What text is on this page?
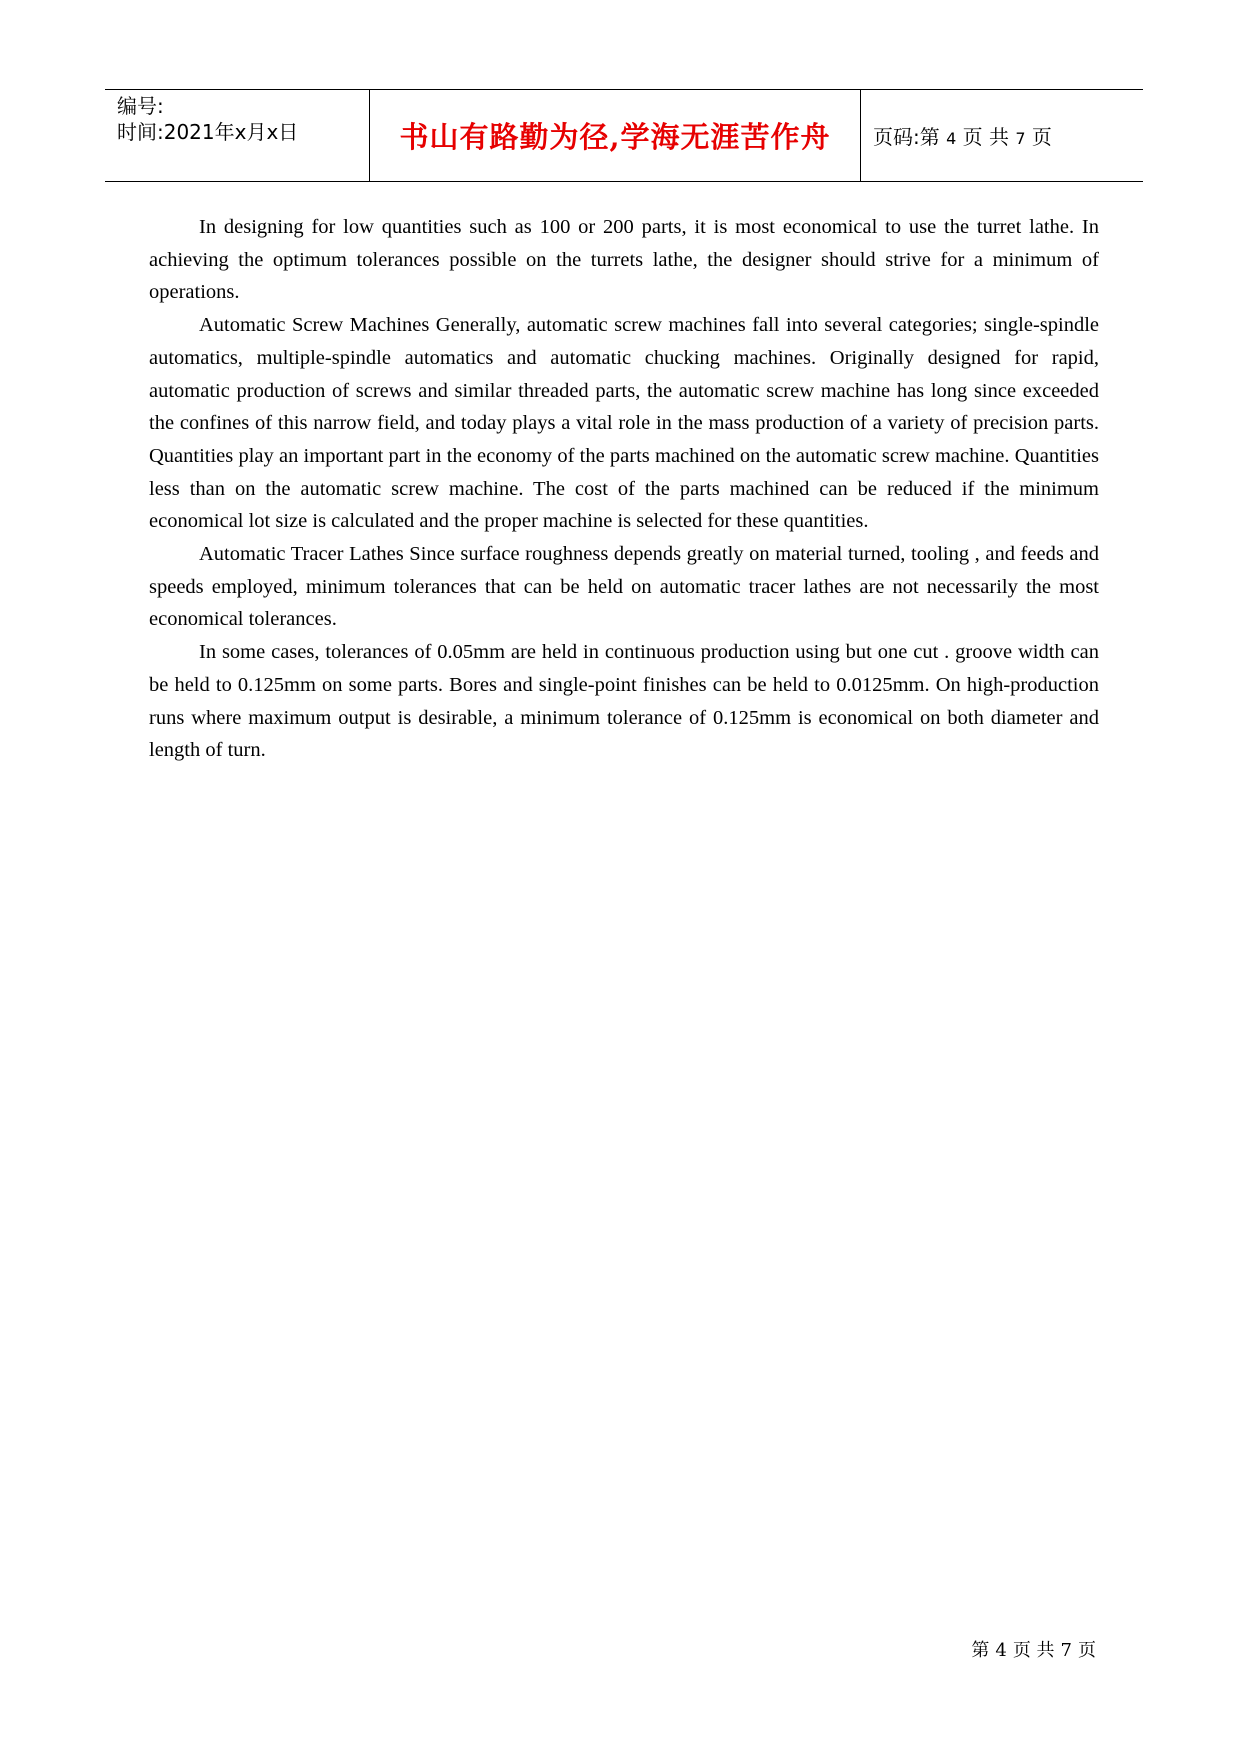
编号:
时间:2021年x月x日	书山有路勤为径,学海无涯苦作舟 页码:第 4 页 共 7 页

In designing for low quantities such as 100 or 200 parts, it is most economical to use the turret lathe. In achieving the optimum tolerances possible on the turrets lathe, the designer should strive for a minimum of operations.

Automatic Screw Machines Generally, automatic screw machines fall into several categories; single-spindle automatics, multiple-spindle automatics and automatic chucking machines. Originally designed for rapid, automatic production of screws and similar threaded parts, the automatic screw machine has long since exceeded the confines of this narrow field, and today plays a vital role in the mass production of a variety of precision parts. Quantities play an important part in the economy of the parts machined on the automatic screw machine. Quantities less than on the automatic screw machine. The cost of the parts machined can be reduced if the minimum economical lot size is calculated and the proper machine is selected for these quantities.

Automatic Tracer Lathes Since surface roughness depends greatly on material turned, tooling , and feeds and speeds employed, minimum tolerances that can be held on automatic tracer lathes are not necessarily the most economical tolerances.

In some cases, tolerances of 0.05mm are held in continuous production using but one cut . groove width can be held to 0.125mm on some parts. Bores and single-point finishes can be held to 0.0125mm. On high-production runs where maximum output is desirable, a minimum tolerance of 0.125mm is economical on both diameter and length of turn.

第 4 页 共 7 页
